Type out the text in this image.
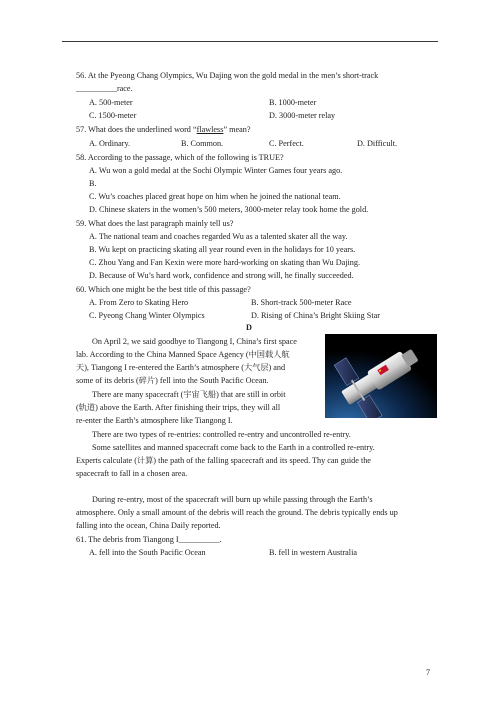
56. At the Pyeong Chang Olympics, Wu Dajing won the gold medal in the men’s short-track
__________race.
A. 500-meter	B. 1000-meter
C. 1500-meter	D. 3000-meter relay
57. What does the underlined word “flawless” mean?
A. Ordinary.	B. Common.	C. Perfect.	D. Difficult.
58. According to the passage, which of the following is TRUE?
A. Wu won a gold medal at the Sochi Olympic Winter Games four years ago.
B.
C. Wu’s coaches placed great hope on him when he joined the national team.
D. Chinese skaters in the women’s 500 meters, 3000-meter relay took home the gold.
59. What does the last paragraph mainly tell us?
A. The national team and coaches regarded Wu as a talented skater all the way.
B. Wu kept on practicing skating all year round even in the holidays for 10 years.
C. Zhou Yang and Fan Kexin were more hard-working on skating than Wu Dajing.
D. Because of Wu’s hard work, confidence and strong will, he finally succeeded.
60. Which one might be the best title of this passage?
A. From Zero to Skating Hero	B. Short-track 500-meter Race
C. Pyeong Chang Winter Olympics	D. Rising of China’s Bright Skiing Star
D
On April 2, we said goodbye to Tiangong I, China’s first space
lab. According to the China Manned Space Agency (中国载人航
天), Tiangong I re-entered the Earth’s atmosphere (大气层) and
some of its debris (碎片) fell into the South Pacific Ocean.
There are many spacecraft (宇宙飞船) that are still in orbit
(轨道) above the Earth. After finishing their trips, they will all
re-enter the Earth’s atmosphere like Tiangong I.
There are two types of re-entries: controlled re-entry and uncontrolled re-entry.
Some satellites and manned spacecraft come back to the Earth in a controlled re-entry.
Experts calculate (计算) the path of the falling spacecraft and its speed. Thy can guide the
spacecraft to fall in a chosen area.
During re-entry, most of the spacecraft will burn up while passing through the Earth’s
atmosphere. Only a small amount of the debris will reach the ground. The debris typically ends up
falling into the ocean, China Daily reported.
61. The debris from Tiangong I__________.
A. fell into the South Pacific Ocean	B. fell in western Australia
7
